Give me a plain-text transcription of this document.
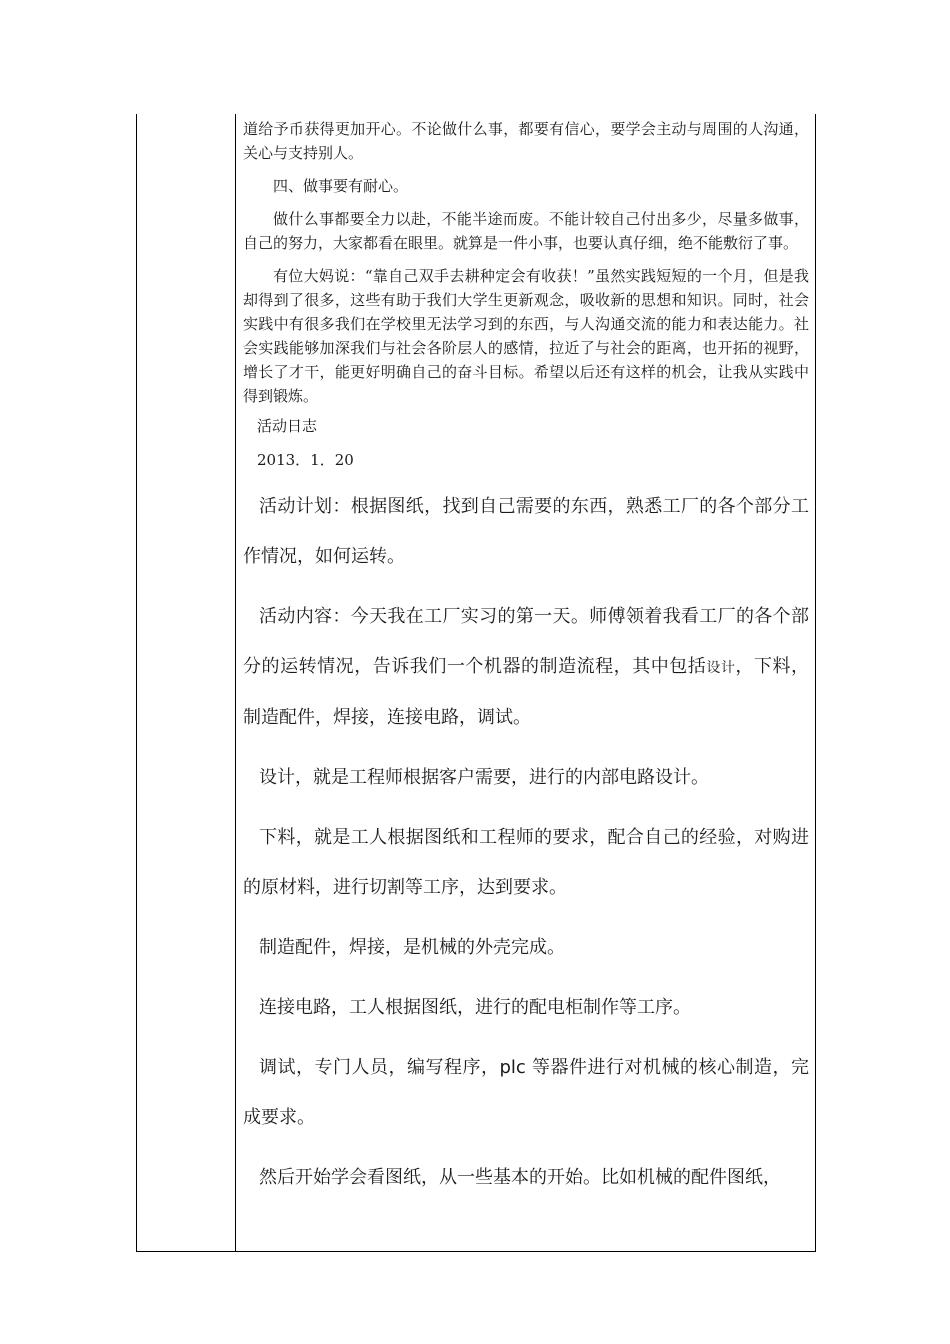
道给予币获得更加开心。不论做什么事，都要有信心，要学会主动与周围的人沟通，关心与支持别人。

四、做事要有耐心。

做什么事都要全力以赴，不能半途而废。不能计较自己付出多少，尽量多做事，自己的努力，大家都看在眼里。就算是一件小事，也要认真仔细，绝不能敷衍了事。

有位大妈说：“靠自己双手去耕种定会有收获！”虽然实践短短的一个月，但是我却得到了很多，这些有助于我们大学生更新观念，吸收新的思想和知识。同时，社会实践中有很多我们在学校里无法学习到的东西，与人沟通交流的能力和表达能力。社会实践能够加深我们与社会各阶层人的感情，拉近了与社会的距离，也开拓的视野，增长了才干，能更好明确自己的奋斗目标。希望以后还有这样的机会，让我从实践中得到锻炼。

活动日志

2013．1．20

活动计划：根据图纸，找到自己需要的东西，熟悉工厂的各个部分工作情况，如何运转。

活动内容：今天我在工厂实习的第一天。师傅领着我看工厂的各个部分的运转情况，告诉我们一个机器的制造流程，其中包括设计，下料，制造配件，焊接，连接电路，调试。

设计，就是工程师根据客户需要，进行的内部电路设计。

下料，就是工人根据图纸和工程师的要求，配合自己的经验，对购进的原材料，进行切割等工序，达到要求。

制造配件，焊接，是机械的外壳完成。

连接电路，工人根据图纸，进行的配电柜制作等工序。

调试，专门人员，编写程序，plc 等器件进行对机械的核心制造，完成要求。

然后开始学会看图纸，从一些基本的开始。比如机械的配件图纸，
